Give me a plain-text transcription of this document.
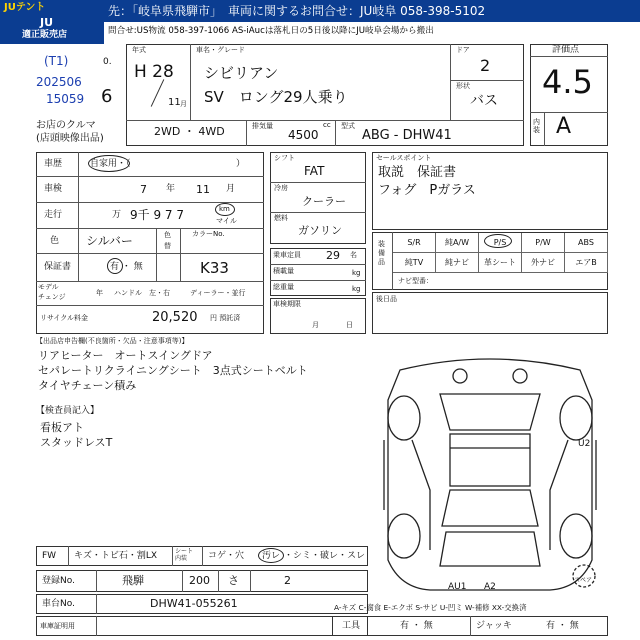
JUテント
JU
適正販売店
先：「岐阜県飛騨市」　車両に関するお問合せ：JU岐阜 058-398-5102
問合せ:US物流 058-397-1066 AS-iAucは落札日の5日後以降にJU岐阜会場から搬出
(T1)	0.
202506
15059 6
お店のクルマ
(店頭映像出品)
年式
H 28
11 月
車名・グレード
シビリアン
SV　ロング29人乗り
ドア
2
形状
バス
2WD ・ 4WD	排気量
4500
cc 型式
ABG - DHW41
評価点
4.5
内装 A
車歴	自家用・（	）
車検	7 年 11 月
走行	万 9千 9 7 7	km
マイル
色 シルバー	色
替
カラーNo.
K33
保証書	有 ・ 無
モデル
年
チェンジ	ハンドル　左・右	ディーラー・並行
リサイクル料金	20,520 円 預託済
シフト
FAT
冷房
クーラー
燃料
ガソリン
乗車定員 29 名
積載量	kg
総重量	kg
車検期限
月	日
セールスポイント
取説　保証書
フォグ　Pガラス
装備品
S/R	純A/W	P/S	P/W	ABS
純TV	純ナビ	革シート	外ナビ	エアB
ナビ型番：
後日品
【出品店申告欄(不良箇所・欠品・注意事項等)】
リアヒーター　オートスイングドア
セパレートリクライニングシート　3点式シートベルト
タイヤチェーン積み
【検査員記入】
看板アト
スタッドレスT	U2
AU1 A2
スペア
FW キズ・トビ石・割LX	シート
内装	コゲ・穴 汚レ ・シミ・破レ・スレ
登録No.	飛騨	200 さ	2
車台No.	DHW41-055261
車庫証明用
A-キズ C-腐食 E-エクボ S-サビ U-凹ミ W-補修 XX-交換済
工具	有 ・ 無	ジャッキ	有 ・ 無
